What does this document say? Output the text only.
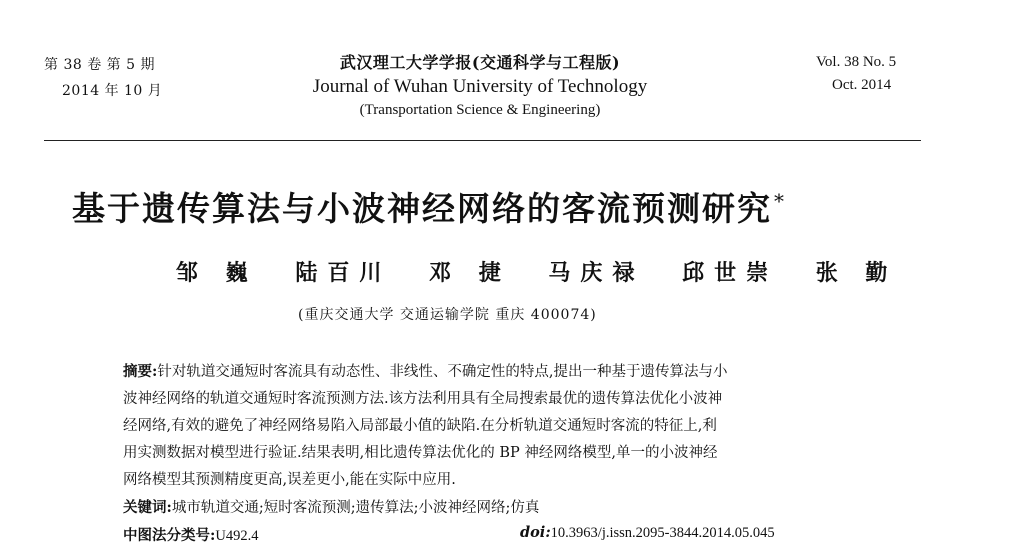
第 38 卷 第 5 期
2014 年 10 月
武汉理工大学学报(交通科学与工程版)
Journal of Wuhan University of Technology
(Transportation Science & Engineering)
Vol. 38 No. 5
Oct. 2014
基于遗传算法与小波神经网络的客流预测研究 *
邹 巍 陆百川 邓 捷 马庆禄 邱世崇 张 勤
(重庆交通大学 交通运输学院 重庆 400074)
摘要:针对轨道交通短时客流具有动态性、非线性、不确定性的特点,提出一种基于遗传算法与小
波神经网络的轨道交通短时客流预测方法.该方法利用具有全局搜索最优的遗传算法优化小波神
经网络,有效的避免了神经网络易陷入局部最小值的缺陷.在分析轨道交通短时客流的特征上,利
用实测数据对模型进行验证.结果表明,相比遗传算法优化的 BP 神经网络模型,单一的小波神经
网络模型其预测精度更高,误差更小,能在实际中应用.
关键词:城市轨道交通;短时客流预测;遗传算法;小波神经网络;仿真
中图法分类号:U492.4	doi:10.3963/j.issn.2095-3844.2014.05.045
